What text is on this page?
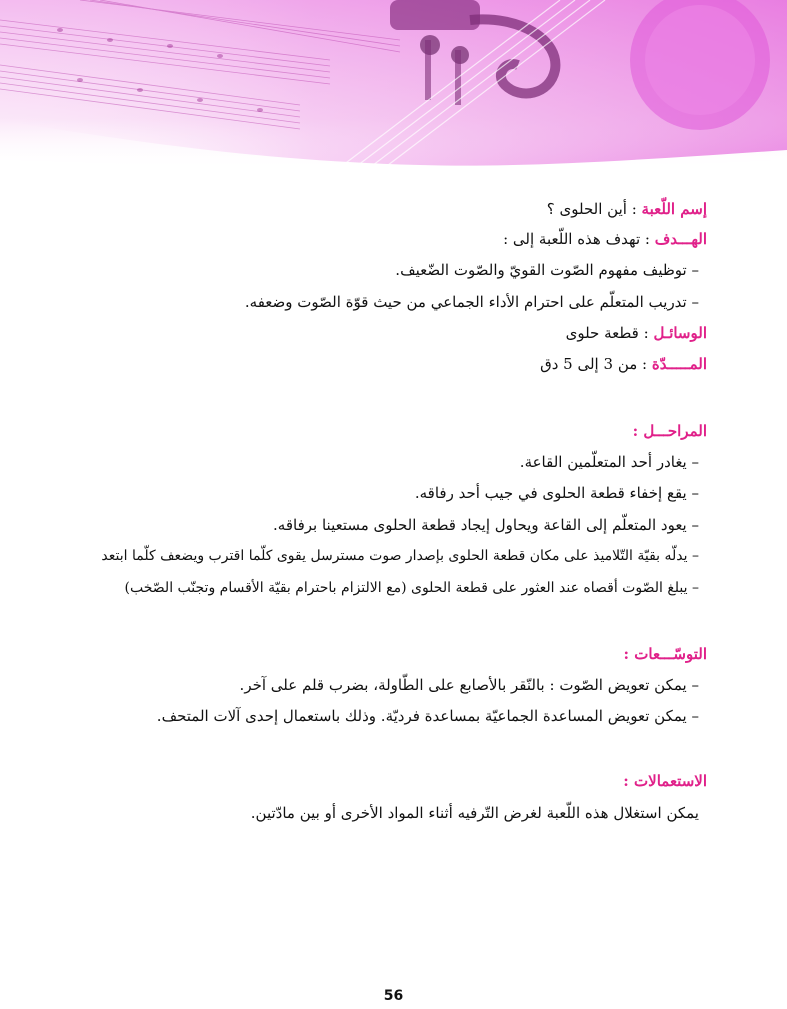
إسم اللّعبة : أين الحلوى ؟
الهـــدف : تهدف هذه اللّعبة إلى :
– توظيف مفهوم الصّوت القويّ والصّوت الضّعيف.
– تدريب المتعلّم على احترام الأداء الجماعي من حيث قوّة الصّوت وضعفه.
الوسائـل : قطعة حلوى
المـــــدّة : من 3 إلى 5 دق
المراحـــل :
– يغادر أحد المتعلّمين القاعة.
– يقع إخفاء قطعة الحلوى في جيب أحد رفاقه.
– يعود المتعلّم إلى القاعة ويحاول إيجاد قطعة الحلوى مستعينا برفاقه.
– يدلّه بقيّة التّلاميذ على مكان قطعة الحلوى بإصدار صوت مسترسل يقوى كلّما اقترب ويضعف كلّما ابتعد
– يبلغ الصّوت أقصاه عند العثور على قطعة الحلوى (مع الالتزام باحترام بقيّة الأقسام وتجنّب الصّخب)
التوسّـــعات :
– يمكن تعويض الصّوت : بالنّقر بالأصابع على الطّاولة، بضرب قلم على آخر.
– يمكن تعويض المساعدة الجماعيّة بمساعدة فرديّة. وذلك باستعمال إحدى آلات المتحف.
الاستعمالات :
يمكن استغلال هذه اللّعبة لغرض التّرفيه أثناء المواد الأخرى أو بين مادّتين.
56
